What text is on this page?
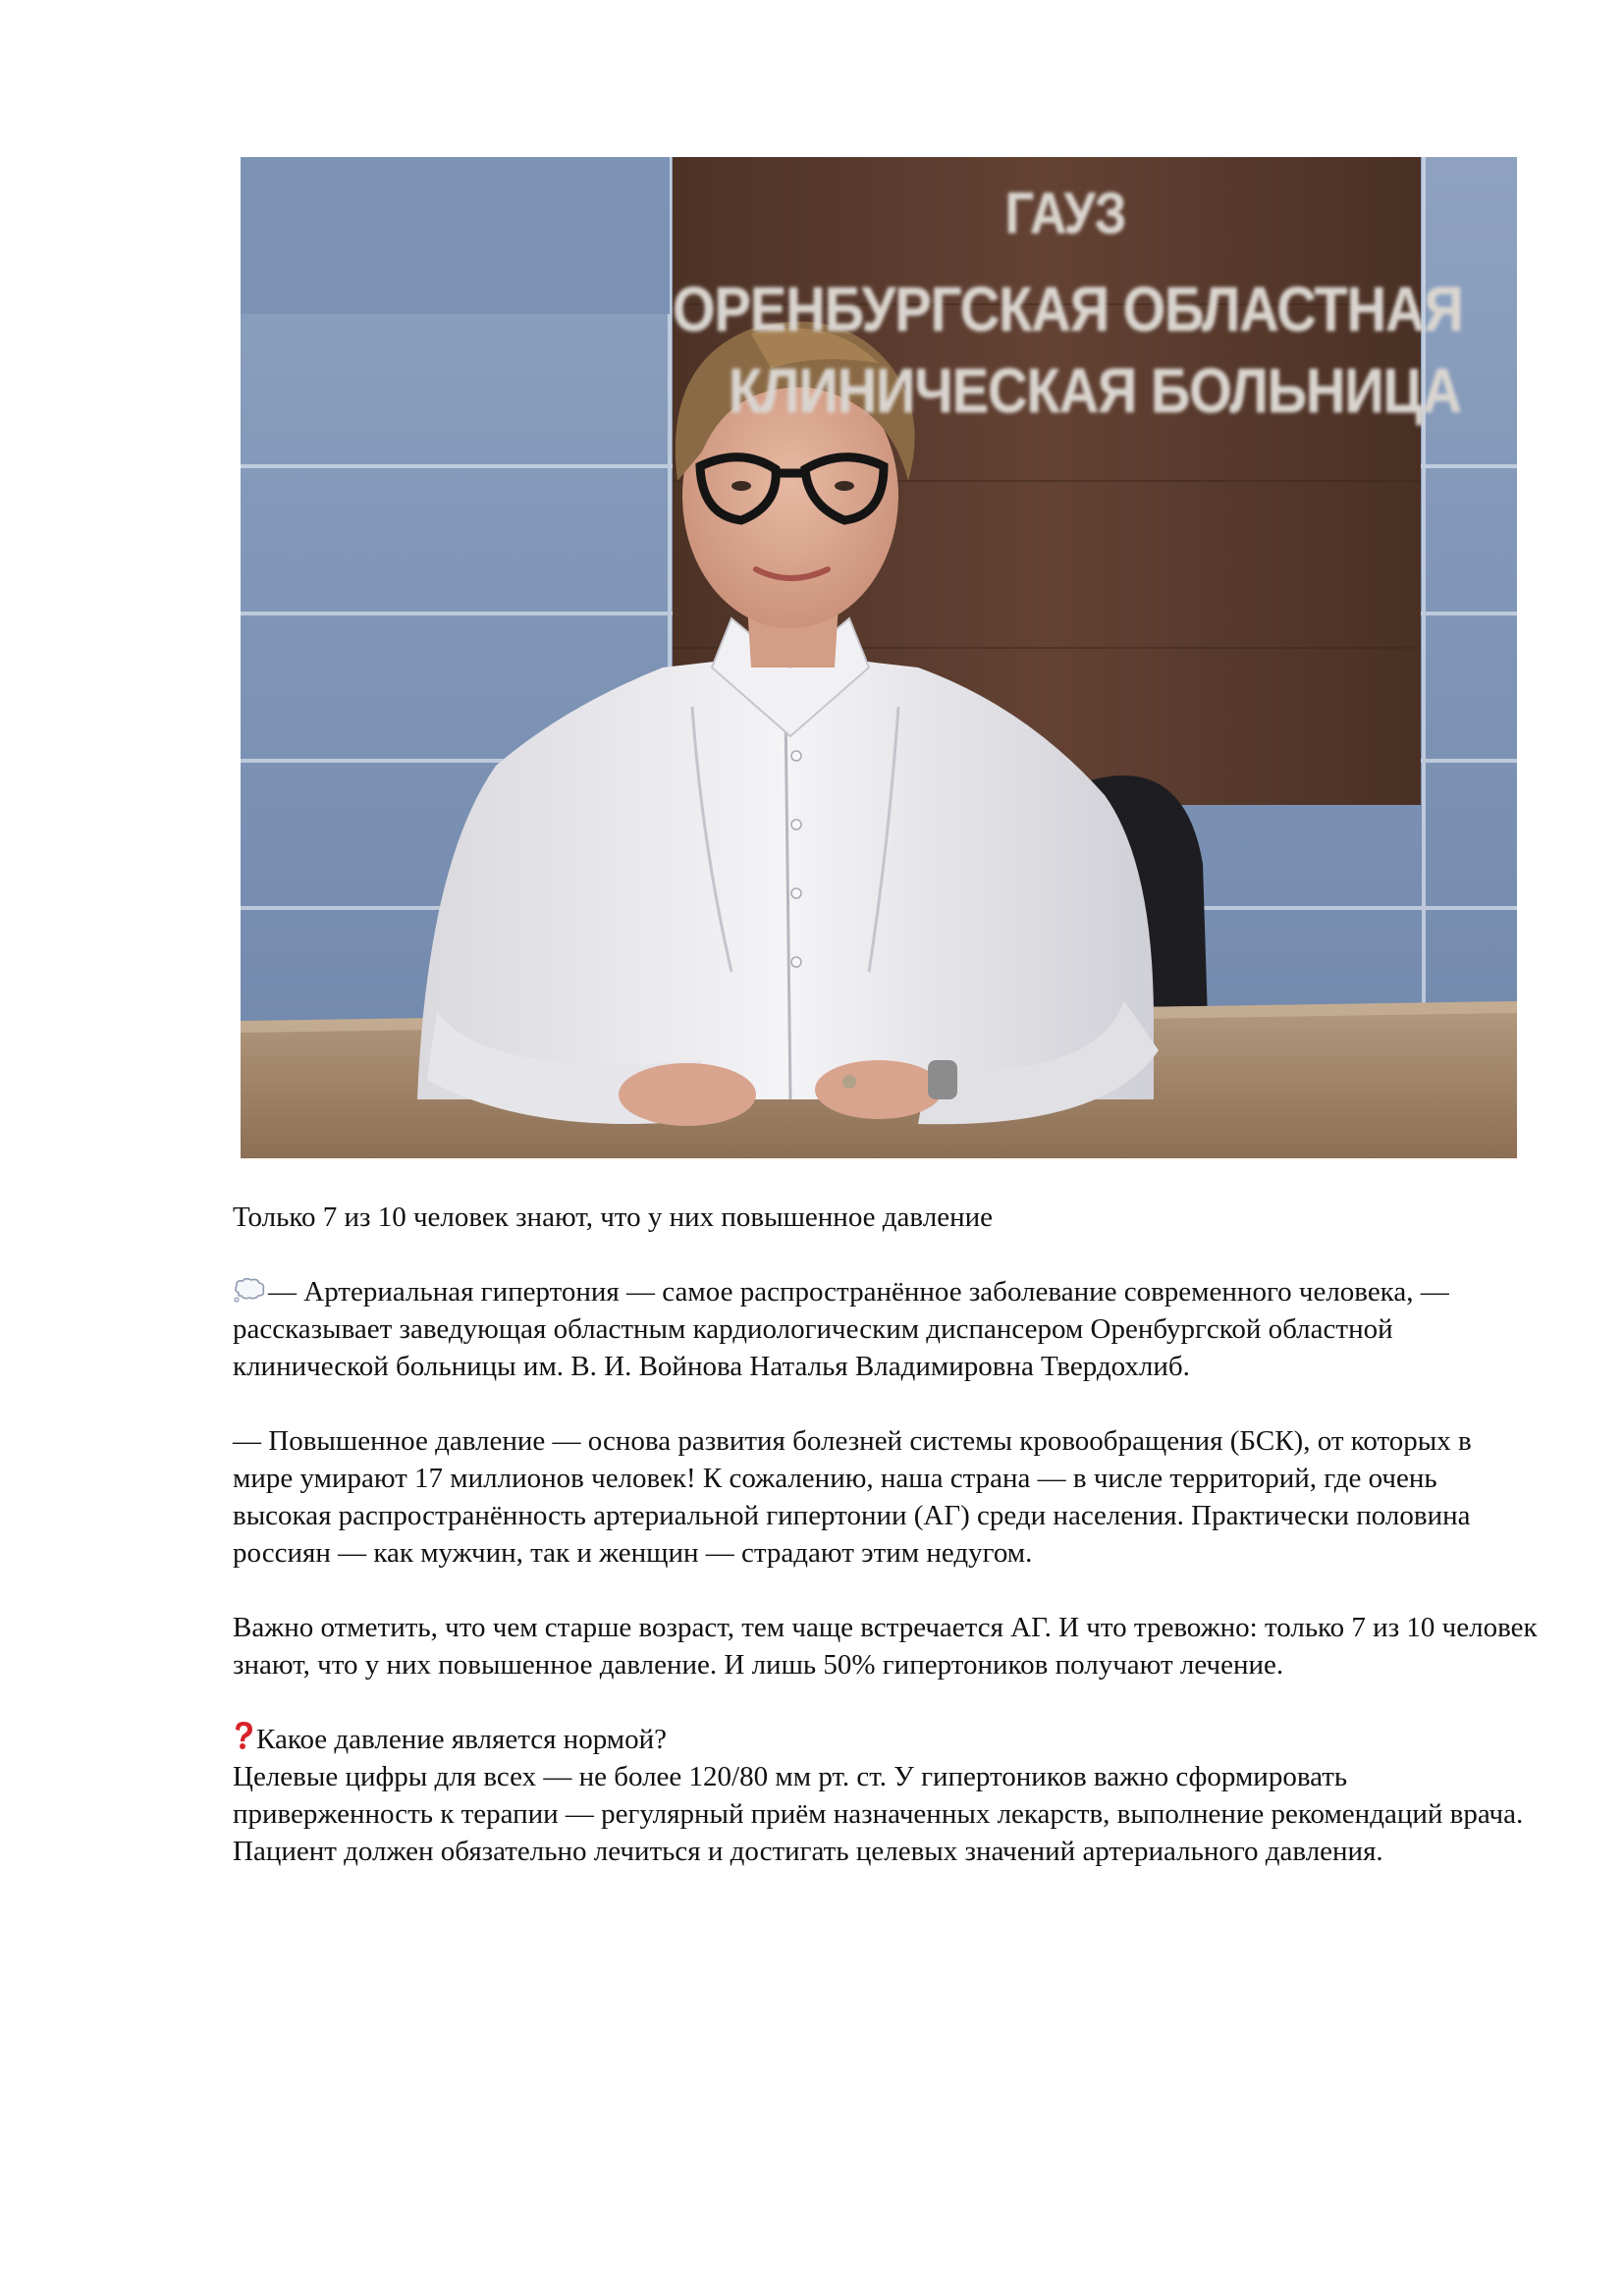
ГАУЗ
ОРЕНБУРГСКАЯ ОБЛАСТНАЯ
КЛИНИЧЕСКАЯ БОЛЬНИЦА

Только 7 из 10 человек знают, что у них повышенное давление

— Артериальная гипертония — самое распространённое заболевание современного человека, — рассказывает заведующая областным кардиологическим диспансером Оренбургской областной клинической больницы им. В. И. Войнова Наталья Владимировна Твердохлиб.

— Повышенное давление — основа развития болезней системы кровообращения (БСК), от которых в мире умирают 17 миллионов человек! К сожалению, наша страна — в числе территорий, где очень высокая распространённость артериальной гипертонии (АГ) среди населения. Практически половина россиян — как мужчин, так и женщин — страдают этим недугом.

Важно отметить, что чем старше возраст, тем чаще встречается АГ. И что тревожно: только 7 из 10 человек знают, что у них повышенное давление. И лишь 50% гипертоников получают лечение.

Какое давление является нормой?

Целевые цифры для всех — не более 120/80 мм рт. ст. У гипертоников важно сформировать приверженность к терапии — регулярный приём назначенных лекарств, выполнение рекомендаций врача. Пациент должен обязательно лечиться и достигать целевых значений артериального давления.
